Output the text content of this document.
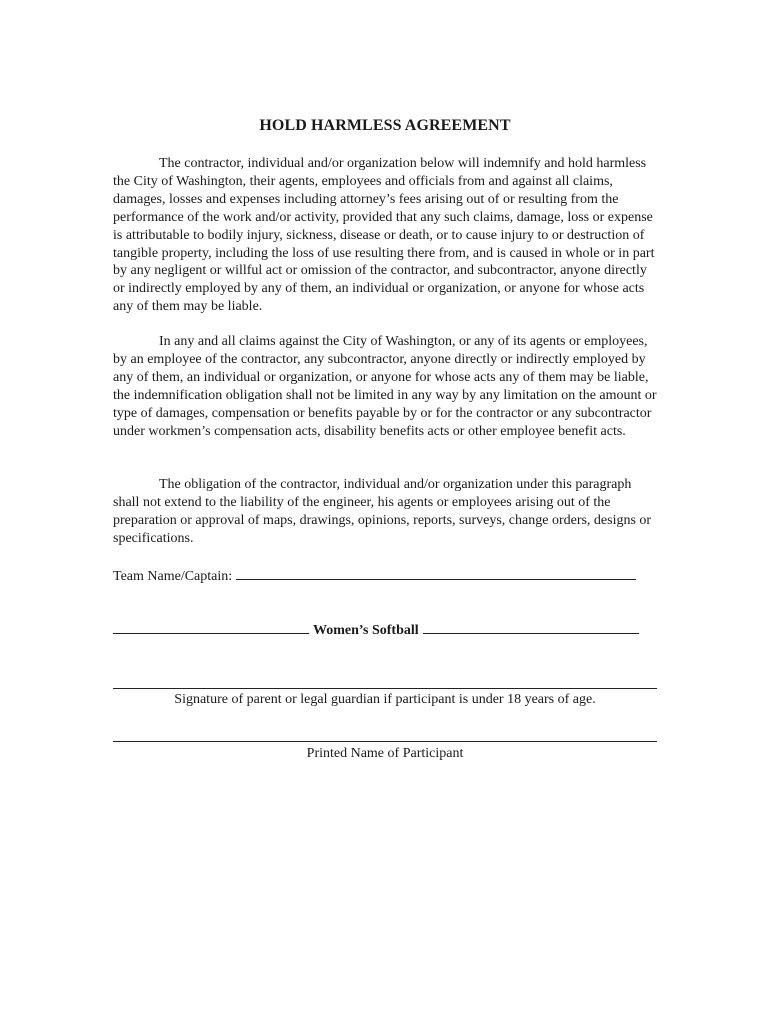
HOLD HARMLESS AGREEMENT
The contractor, individual and/or organization below will indemnify and hold harmless the City of Washington, their agents, employees and officials from and against all claims, damages, losses and expenses including attorney’s fees arising out of or resulting from the performance of the work and/or activity, provided that any such claims, damage, loss or expense is attributable to bodily injury, sickness, disease or death, or to cause injury to or destruction of tangible property, including the loss of use resulting there from, and is caused in whole or in part by any negligent or willful act or omission of the contractor, and subcontractor, anyone directly or indirectly employed by any of them, an individual or organization, or anyone for whose acts any of them may be liable.
In any and all claims against the City of Washington, or any of its agents or employees, by an employee of the contractor, any subcontractor, anyone directly or indirectly employed by any of them, an individual or organization, or anyone for whose acts any of them may be liable, the indemnification obligation shall not be limited in any way by any limitation on the amount or type of damages, compensation or benefits payable by or for the contractor or any subcontractor under workmen’s compensation acts, disability benefits acts or other employee benefit acts.
The obligation of the contractor, individual and/or organization under this paragraph shall not extend to the liability of the engineer, his agents or employees arising out of the preparation or approval of maps, drawings, opinions, reports, surveys, change orders, designs or specifications.
Team Name/Captain:
Women’s Softball
Signature of parent or legal guardian if participant is under 18 years of age.
Printed Name of Participant
